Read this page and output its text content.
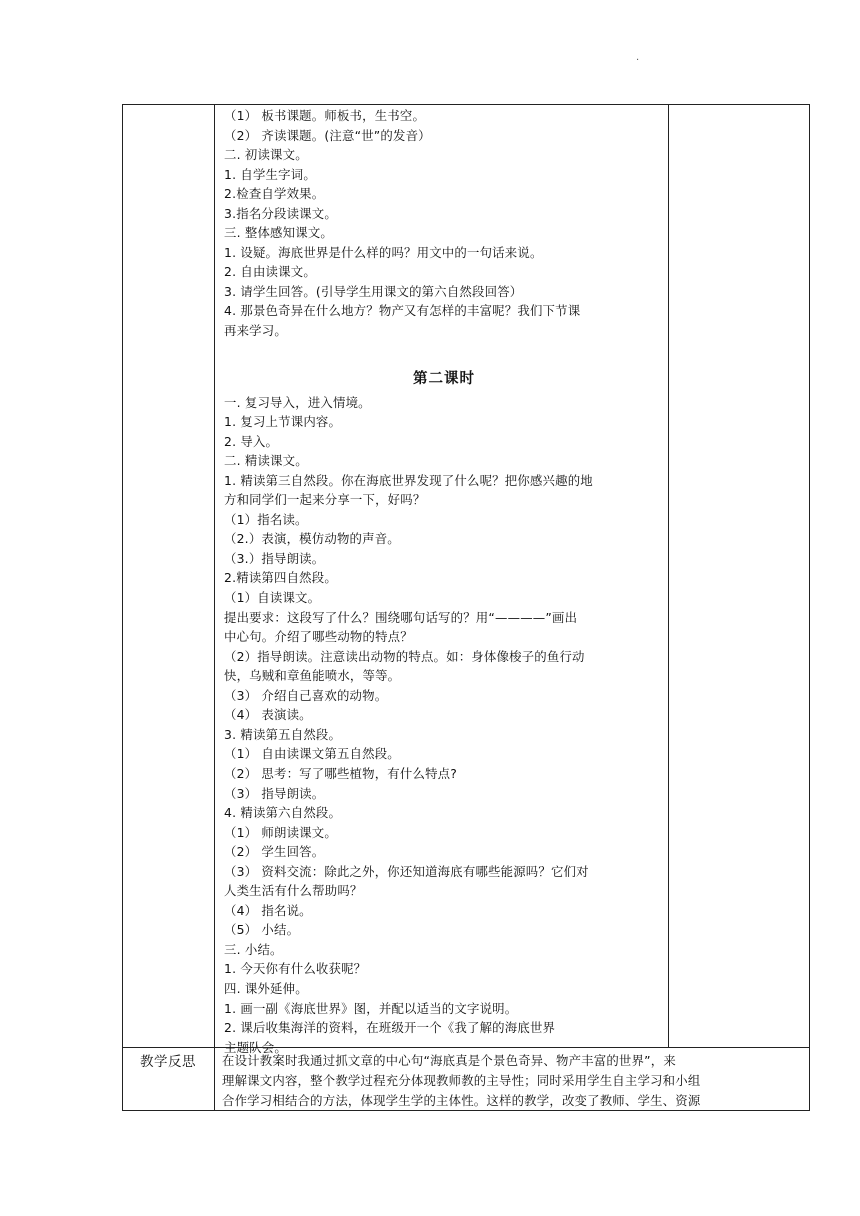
·
（1） 板书课题。师板书，生书空。
（2） 齐读课题。(注意“世”的发音）
二. 初读课文。
1. 自学生字词。
2.检查自学效果。
3.指名分段读课文。
三. 整体感知课文。
1. 设疑。海底世界是什么样的吗？用文中的一句话来说。
2. 自由读课文。
3. 请学生回答。(引导学生用课文的第六自然段回答）
4. 那景色奇异在什么地方？物产又有怎样的丰富呢？我们下节课
再来学习。
第二课时
一. 复习导入，进入情境。
1. 复习上节课内容。
2. 导入。
二. 精读课文。
1. 精读第三自然段。你在海底世界发现了什么呢？把你感兴趣的地
方和同学们一起来分享一下，好吗？
（1）指名读。
（2.）表演，模仿动物的声音。
（3.）指导朗读。
2.精读第四自然段。
（1）自读课文。
提出要求：这段写了什么？围绕哪句话写的？用“————”画出
中心句。介绍了哪些动物的特点？
（2）指导朗读。注意读出动物的特点。如：身体像梭子的鱼行动
快，乌贼和章鱼能喷水，等等。
（3） 介绍自己喜欢的动物。
（4） 表演读。
3. 精读第五自然段。
（1） 自由读课文第五自然段。
（2） 思考：写了哪些植物，有什么特点?
（3） 指导朗读。
4. 精读第六自然段。
（1） 师朗读课文。
（2） 学生回答。
（3） 资料交流：除此之外，你还知道海底有哪些能源吗？它们对
人类生活有什么帮助吗？
（4） 指名说。
（5） 小结。
三. 小结。
1. 今天你有什么收获呢？
四. 课外延伸。
1. 画一副《海底世界》图，并配以适当的文字说明。
2. 课后收集海洋的资料，在班级开一个《我了解的海底世界
主题队会。
教学反思	在设计教案时我通过抓文章的中心句“海底真是个景色奇异、物产丰富的世界”，来
理解课文内容，整个教学过程充分体现教师教的主导性；同时采用学生自主学习和小组
合作学习相结合的方法，体现学生学的主体性。这样的教学，改变了教师、学生、资源
